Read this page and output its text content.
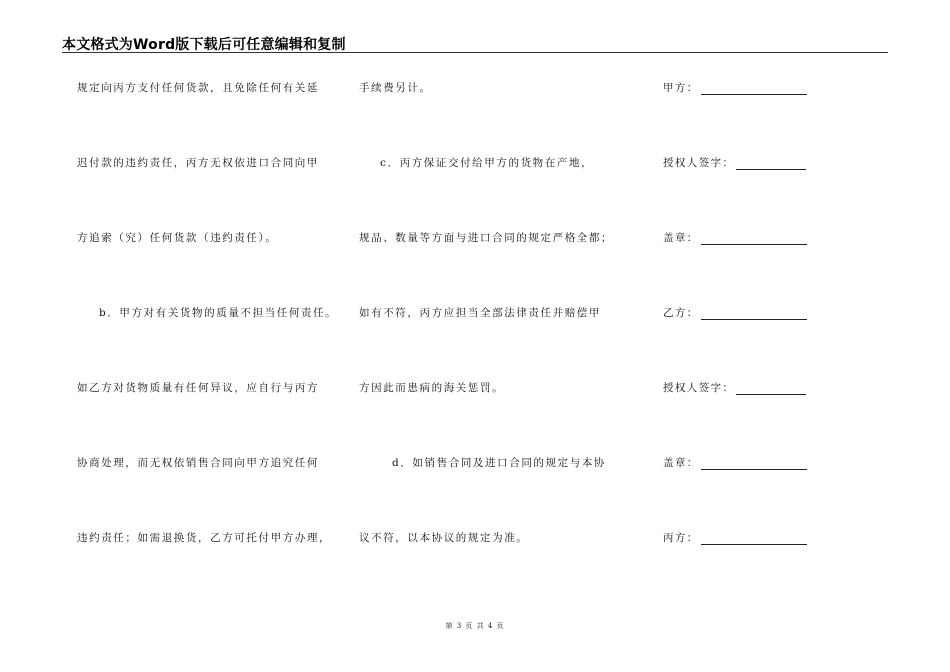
本文格式为Word版下载后可任意编辑和复制
规定向丙方支付任何货款，且免除任何有关延
迟付款的违约责任，丙方无权依进口合同向甲
方追索（究）任何货款（违约责任）。
b．甲方对有关货物的质量不担当任何责任。
如乙方对货物质量有任何异议，应自行与丙方
协商处理，而无权依销售合同向甲方追究任何
违约责任；如需退换货，乙方可托付甲方办理，
手续费另计。
c．丙方保证交付给甲方的货物在产地，
规品、数量等方面与进口合同的规定严格全都；
如有不符，丙方应担当全部法律责任并赔偿甲
方因此而患病的海关惩罚。
d．如销售合同及进口合同的规定与本协
议不符，以本协议的规定为准。
甲方：
授权人签字：
盖章：
乙方：
授权人签字：
盖章：
丙方：
第 3 页 共 4 页
